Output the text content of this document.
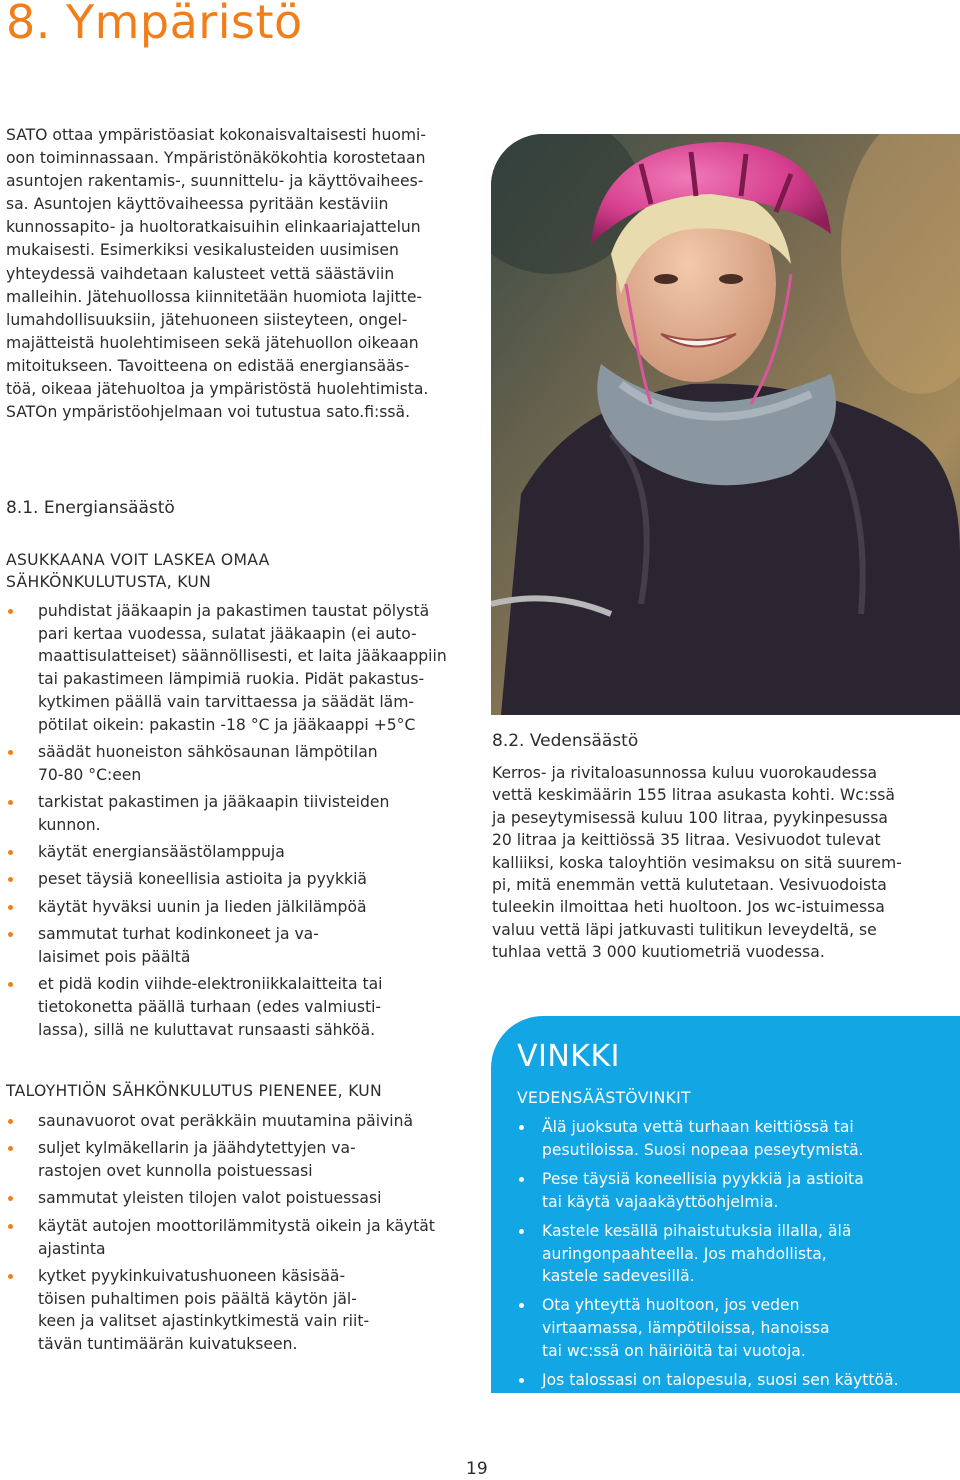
8. Ympäristö
SATO ottaa ympäristöasiat kokonaisvaltaisesti huomi-
oon toiminnassaan. Ympäristönäkökohtia korostetaan
asuntojen rakentamis-, suunnittelu- ja käyttövaihees-
sa. Asuntojen käyttövaiheessa pyritään kestäviin
kunnossapito- ja huoltoratkaisuihin elinkaariajattelun
mukaisesti. Esimerkiksi vesikalusteiden uusimisen
yhteydessä vaihdetaan kalusteet vettä säästäviin
malleihin. Jätehuollossa kiinnitetään huomiota lajitte-
lumahdollisuuksiin, jätehuoneen siisteyteen, ongel-
majätteistä huolehtimiseen sekä jätehuollon oikeaan
mitoitukseen. Tavoitteena on edistää energiansääs-
töä, oikeaa jätehuoltoa ja ympäristöstä huolehtimista.
SATOn ympäristöohjelmaan voi tutustua sato.fi:ssä.
8.1. Energiansäästö
ASUKKAANA VOIT LASKEA OMAA
SÄHKÖNKULUTUSTA, KUN
puhdistat jääkaapin ja pakastimen taustat pölystä
pari kertaa vuodessa, sulatat jääkaapin (ei auto-
maattisulatteiset) säännöllisesti, et laita jääkaappiin
tai pakastimeen lämpimiä ruokia. Pidät pakastus-
kytkimen päällä vain tarvittaessa ja säädät läm-
pötilat oikein: pakastin -18 °C ja jääkaappi +5°C
säädät huoneiston sähkösaunan lämpötilan
70-80 °C:een
tarkistat pakastimen ja jääkaapin tiivisteiden
kunnon.
käytät energiansäästölamppuja
peset täysiä koneellisia astioita ja pyykkiä
käytät hyväksi uunin ja lieden jälkilämpöä
sammutat turhat kodinkoneet ja va-
laisimet pois päältä
et pidä kodin viihde-elektroniikkalaitteita tai
tietokonetta päällä turhaan (edes valmiusti-
lassa), sillä ne kuluttavat runsaasti sähköä.
TALOYHTIÖN SÄHKÖNKULUTUS PIENENEE, KUN
saunavuorot ovat peräkkäin muutamina päivinä
suljet kylmäkellarin ja jäähdytettyjen va-
rastojen ovet kunnolla poistuessasi
sammutat yleisten tilojen valot poistuessasi
käytät autojen moottorilämmitystä oikein ja käytät
ajastinta
kytket pyykinkuivatushuoneen käsisää-
töisen puhaltimen pois päältä käytön jäl-
keen ja valitset ajastinkytkimestä vain riit-
tävän tuntimäärän kuivatukseen.
8.2. Vedensäästö
Kerros- ja rivitaloasunnossa kuluu vuorokaudessa
vettä keskimäärin 155 litraa asukasta kohti. Wc:ssä
ja peseytymisessä kuluu 100 litraa, pyykinpesussa
20 litraa ja keittiössä 35 litraa. Vesivuodot tulevat
kalliiksi, koska taloyhtiön vesimaksu on sitä suurem-
pi, mitä enemmän vettä kulutetaan. Vesivuodoista
tuleekin ilmoittaa heti huoltoon. Jos wc-istuimessa
valuu vettä läpi jatkuvasti tulitikun leveydeltä, se
tuhlaa vettä 3 000 kuutiometriä vuodessa.
VINKKI
VEDENSÄÄSTÖVINKIT
Älä juoksuta vettä turhaan keittiössä tai
pesutiloissa. Suosi nopeaa peseytymistä.
Pese täysiä koneellisia pyykkiä ja astioita
tai käytä vajaakäyttöohjelmia.
Kastele kesällä pihaistutuksia illalla, älä
auringonpaahteella. Jos mahdollista,
kastele sadevesillä.
Ota yhteyttä huoltoon, jos veden
virtaamassa, lämpötiloissa, hanoissa
tai wc:ssä on häiriöitä tai vuotoja.
Jos talossasi on talopesula, suosi sen käyttöä.
19
